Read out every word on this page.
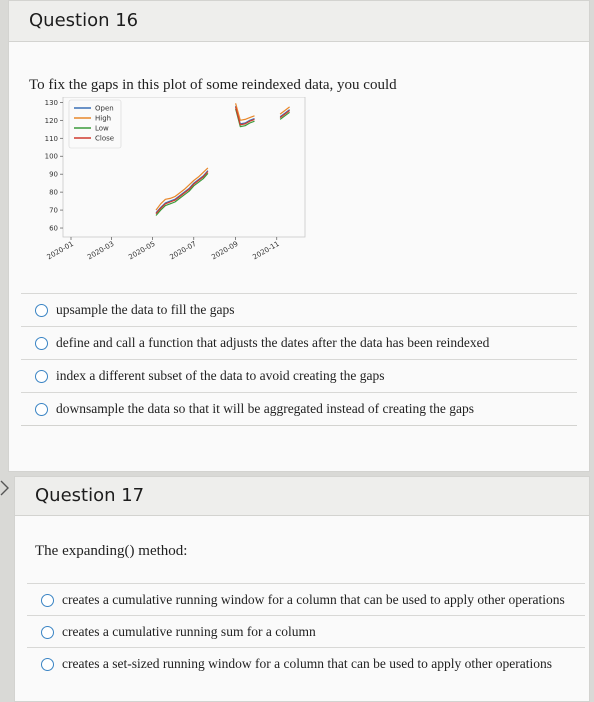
Question 16
To fix the gaps in this plot of some reindexed data, you could
130
120
110
100
90
80
70
60
2020-01 2020-03 2020-05 2020-07 2020-09 2020-11
Open
High
Low
Close
upsample the data to fill the gaps
define and call a function that adjusts the dates after the data has been reindexed
index a different subset of the data to avoid creating the gaps
downsample the data so that it will be aggregated instead of creating the gaps
Question 17
The expanding() method:
creates a cumulative running window for a column that can be used to apply other operations
creates a cumulative running sum for a column
creates a set-sized running window for a column that can be used to apply other operations
